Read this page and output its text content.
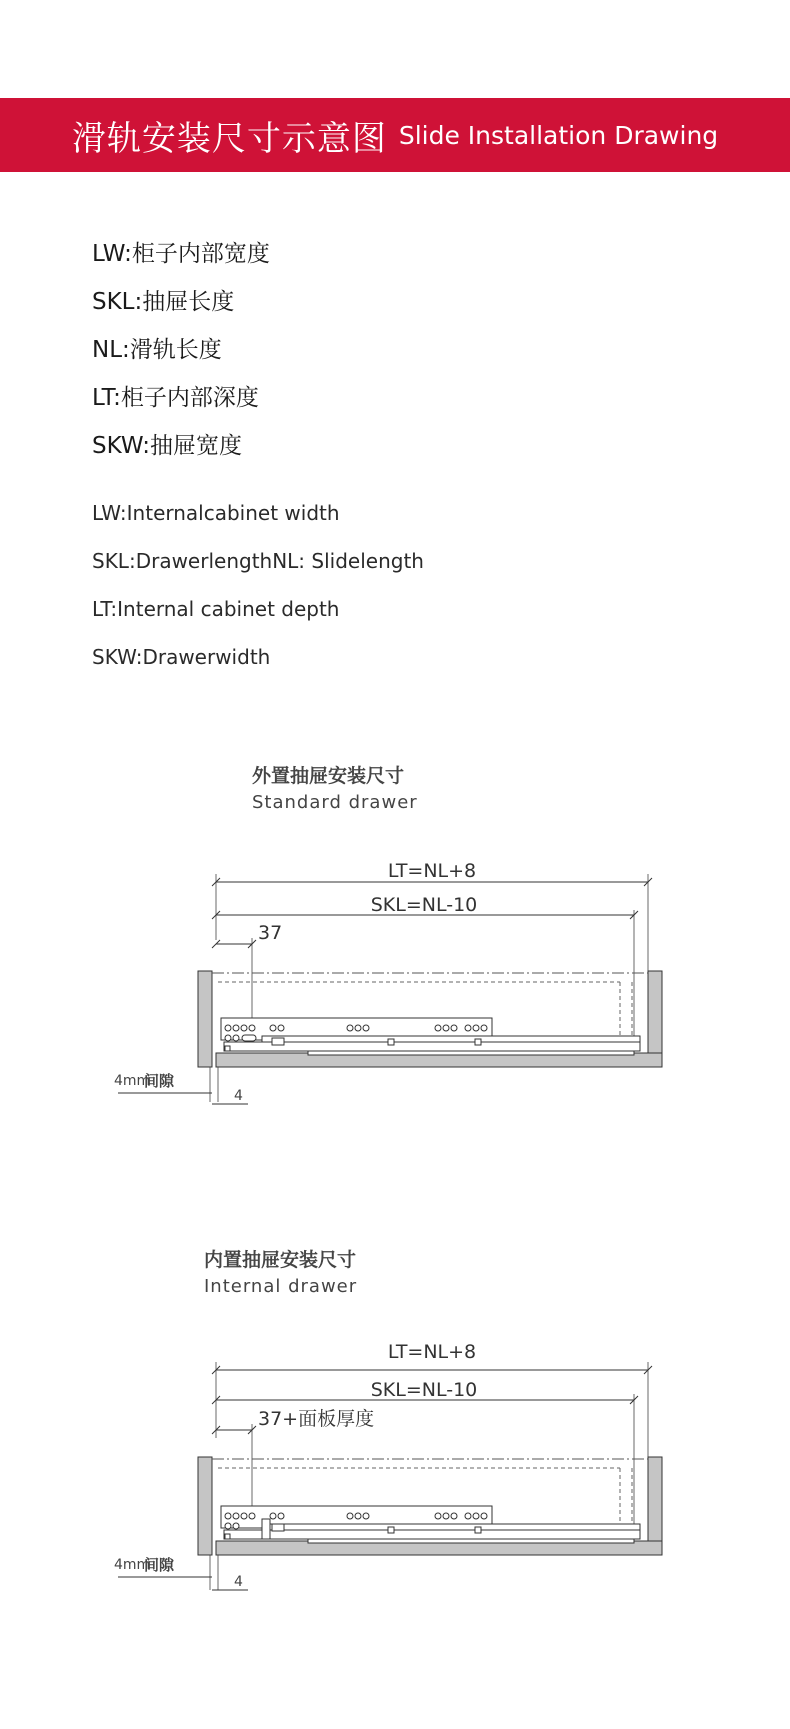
滑轨安装尺寸示意图 Slide Installation Drawing
LW:柜子内部宽度
SKL:抽屉长度
NL:滑轨长度
LT:柜子内部深度
SKW:抽屉宽度
LW:Internalcabinet width
SKL:DrawerlengthNL: Slidelength
LT:Internal cabinet depth
SKW:Drawerwidth
外置抽屉安装尺寸
Standard drawer
LT=NL+8
SKL=NL-10
37
4mm
间隙
4
内置抽屉安装尺寸
Internal drawer
LT=NL+8
SKL=NL-10
37+面板厚度
4mm
间隙
4
